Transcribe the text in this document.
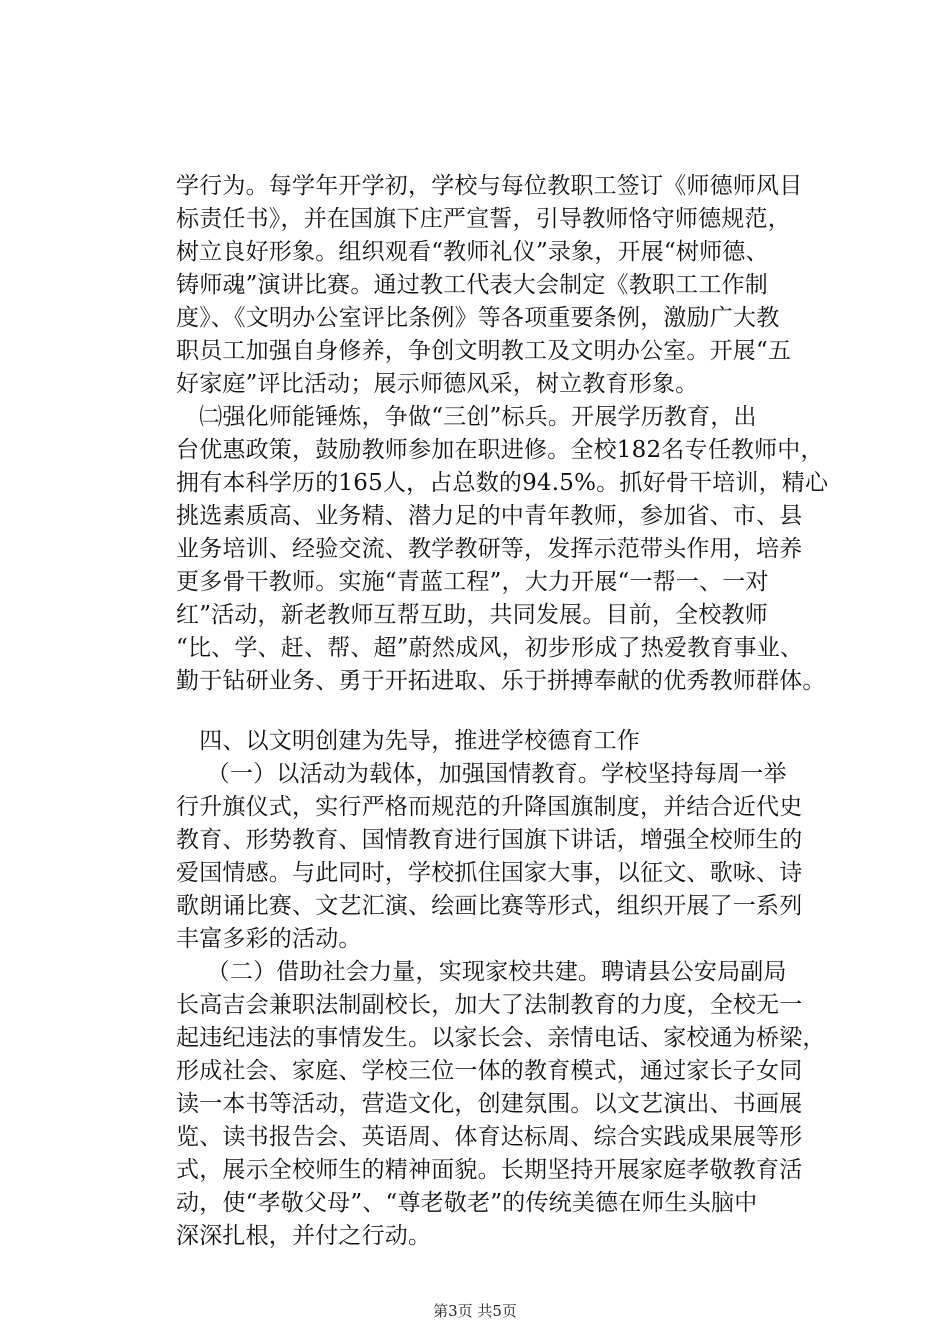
学行为。每学年开学初，学校与每位教职工签订《师德师风目
标责任书》，并在国旗下庄严宣誓，引导教师恪守师德规范，
树立良好形象。组织观看“教师礼仪”录象，开展“树师德、
铸师魂”演讲比赛。通过教工代表大会制定《教职工工作制
度》、《文明办公室评比条例》等各项重要条例，激励广大教
职员工加强自身修养，争创文明教工及文明办公室。开展“五
好家庭”评比活动；展示师德风采，树立教育形象。
　㈡强化师能锤炼，争做“三创”标兵。开展学历教育，出
台优惠政策，鼓励教师参加在职进修。全校182名专任教师中，
拥有本科学历的165人，占总数的94.5%。抓好骨干培训，精心
挑选素质高、业务精、潜力足的中青年教师，参加省、市、县
业务培训、经验交流、教学教研等，发挥示范带头作用，培养
更多骨干教师。实施“青蓝工程”，大力开展“一帮一、一对
红”活动，新老教师互帮互助，共同发展。目前，全校教师
“比、学、赶、帮、超”蔚然成风，初步形成了热爱教育事业、
勤于钻研业务、勇于开拓进取、乐于拼搏奉献的优秀教师群体。
　四、以文明创建为先导，推进学校德育工作
　 （一）以活动为载体，加强国情教育。学校坚持每周一举
行升旗仪式，实行严格而规范的升降国旗制度，并结合近代史
教育、形势教育、国情教育进行国旗下讲话，增强全校师生的
爱国情感。与此同时，学校抓住国家大事，以征文、歌咏、诗
歌朗诵比赛、文艺汇演、绘画比赛等形式，组织开展了一系列
丰富多彩的活动。
　 （二）借助社会力量，实现家校共建。聘请县公安局副局
长高吉会兼职法制副校长，加大了法制教育的力度，全校无一
起违纪违法的事情发生。以家长会、亲情电话、家校通为桥梁，
形成社会、家庭、学校三位一体的教育模式，通过家长子女同
读一本书等活动，营造文化，创建氛围。以文艺演出、书画展
览、读书报告会、英语周、体育达标周、综合实践成果展等形
式，展示全校师生的精神面貌。长期坚持开展家庭孝敬教育活
动，使“孝敬父母”、“尊老敬老”的传统美德在师生头脑中
深深扎根，并付之行动。
第3页 共5页
